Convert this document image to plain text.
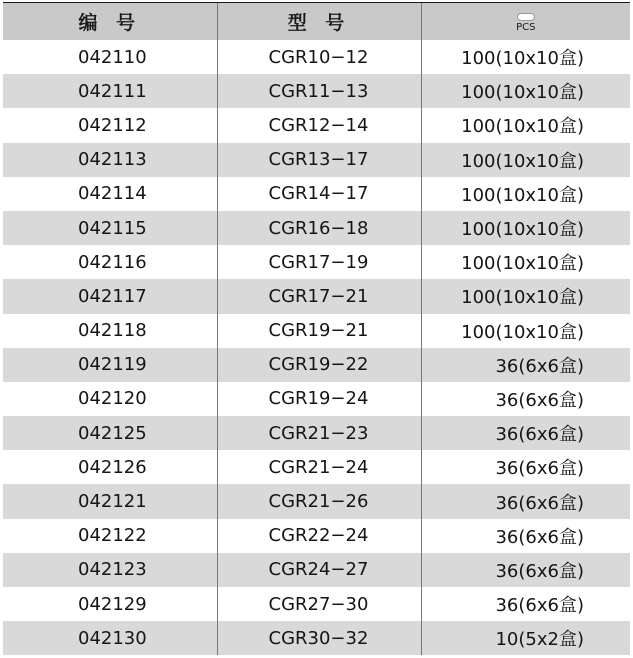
编 号	型 号	PCS
042110	CGR10−12	100(10x10盒)
042111	CGR11−13	100(10x10盒)
042112	CGR12−14	100(10x10盒)
042113	CGR13−17	100(10x10盒)
042114	CGR14−17	100(10x10盒)
042115	CGR16−18	100(10x10盒)
042116	CGR17−19	100(10x10盒)
042117	CGR17−21	100(10x10盒)
042118	CGR19−21	100(10x10盒)
042119	CGR19−22	36(6x6盒)
042120	CGR19−24	36(6x6盒)
042125	CGR21−23	36(6x6盒)
042126	CGR21−24	36(6x6盒)
042121	CGR21−26	36(6x6盒)
042122	CGR22−24	36(6x6盒)
042123	CGR24−27	36(6x6盒)
042129	CGR27−30	36(6x6盒)
042130	CGR30−32	10(5x2盒)
